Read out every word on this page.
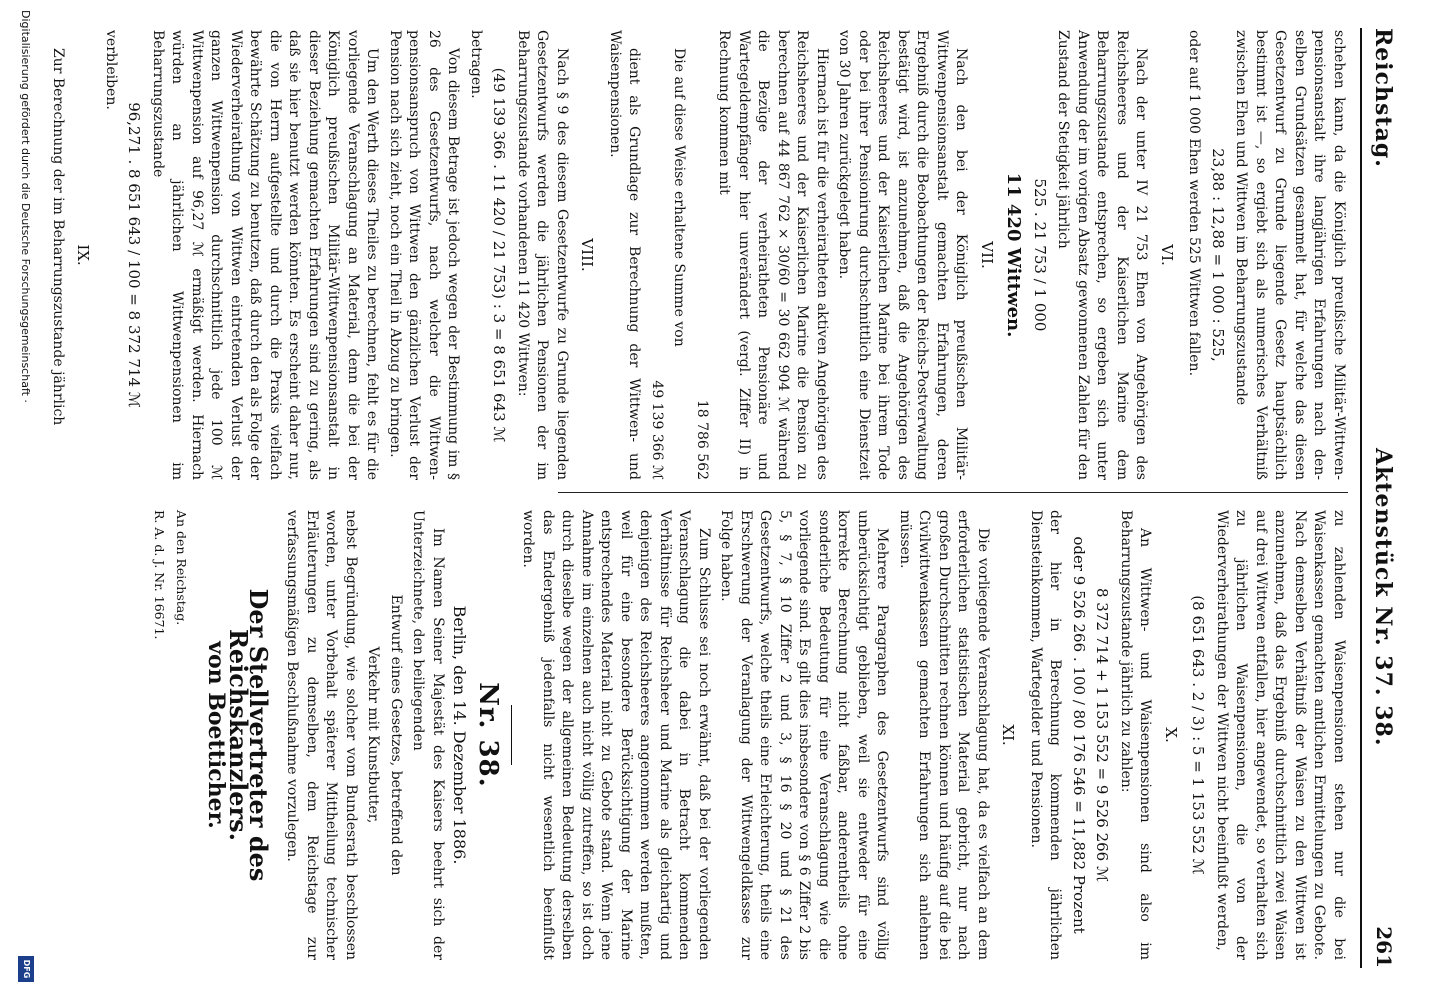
Reichstag.
Aktenstück Nr. 37. 38.
261

schehen kann, da die Königlich preußische Militär-Wittwen-pensionsanstalt ihre langjährigen Erfahrungen nach den-selben Grundsätzen gesammelt hat, für welche das diesen Gesetzentwurf zu Grunde liegende Gesetz hauptsächlich bestimmt ist —, so ergiebt sich als numerisches Verhältniß zwischen Ehen und Wittwen im Beharrungszustande

23,88 : 12,88 = 1 000 : 525,

oder auf 1 000 Ehen werden 525 Wittwen fallen.

VI.

Nach der unter IV 21 753 Ehen von Angehörigen des Reichsheeres und der Kaiserlichen Marine dem Beharrungszustande entsprechen, so ergeben sich unter Anwendung der im vorigen Absatz gewonnenen Zahlen für den Zustand der Stetigkeit jährlich

525 . 21 753 / 1 000

11 420 Wittwen.

VII.

Nach den bei der Königlich preußischen Militär-Wittwenpensionsanstalt gemachten Erfahrungen, deren Ergebniß durch die Beobachtungen der Reichs-Postverwaltung bestätigt wird, ist anzunehmen, daß die Angehörigen des Reichsheeres und der Kaiserlichen Marine bei ihrem Tode oder bei ihrer Pensionirung durchschnittlich eine Dienstzeit von 30 Jahren zurückgelegt haben.

Hiernach ist für die verheiratheten aktiven Angehörigen des Reichsheeres und der Kaiserlichen Marine die Pension zu berechnen auf 44 867 762 × 30/60 = 30 662 904 ℳ während die Bezüge der verheiratheten Pensionäre und Wartegeldempfänger hier unverändert (vergl. Ziffer II) in Rechnung kommen mit

18 786 562

Die auf diese Weise erhaltene Summe von

49 139 366 ℳ

dient als Grundlage zur Berechnung der Wittwen- und Waisenpensionen.

VIII.

Nach § 9 des diesem Gesetzentwurfe zu Grunde liegenden Gesetzentwurfs werden die jährlichen Pensionen der im Beharrungszustande vorhandenen 11 420 Wittwen:

(49 139 366 . 11 420 / 21 753) : 3 = 8 651 643 ℳ

betragen.

Von diesem Betrage ist jedoch wegen der Bestimmung im § 26 des Gesetzentwurfs, nach welcher die Wittwen-pensionsanspruch von Wittwen den gänzlichen Verlust der Pension nach sich zieht, noch ein Theil in Abzug zu bringen.

Um den Werth dieses Theiles zu berechnen, fehlt es für die vorliegende Veranschlagung an Material, denn die bei der Königlich preußischen Militär-Wittwenpensionsanstalt in dieser Beziehung gemachten Erfahrungen sind zu gering, als daß sie hier benutzt werden könnten. Es erscheint daher nur, die von Herrn aufgestellte und durch die Praxis vielfach bewährte Schätzung zu benutzen, daß durch den als Folge der Wiederverheirathung von Wittwen eintretenden Verlust der ganzen Wittwenpension durchschnittlich jede 100 ℳ Wittwenpension auf 96,27 ℳ ermäßigt werden. Hiernach würden an jährlichen Wittwenpensionen im Beharrungszustande

96,271 . 8 651 643 / 100 = 8 372 714 ℳ

verbleiben.

IX.

Zur Berechnung der im Beharrungszustande jährlich

zu zahlenden Waisenpensionen stehen nur die bei Waisenkassen gemachten amtlichen Ermittelungen zu Gebote. Nach demselben Verhältniß der Waisen zu den Wittwen ist anzunehmen, daß das Ergebniß durchschnittlich zwei Waisen auf drei Wittwen entfallen, hier angewendet, so verhalten sich zu jährlichen Waisenpensionen, die von der Wiederverheirathungen der Wittwen nicht beeinflußt werden,

(8 651 643 . 2 / 3) : 5 = 1 153 552 ℳ

X.

An Wittwen- und Waisenpensionen sind also im Beharrungszustande jährlich zu zahlen:

8 372 714 + 1 153 552 = 9 526 266 ℳ

oder 9 526 266 . 100 / 80 176 546 = 11,882 Prozent

der hier in Berechnung kommenden jährlichen Diensteinkommen, Wartegelder und Pensionen.

XI.

Die vorliegende Veranschlagung hat, da es vielfach an dem erforderlichen statistischen Material gebricht, nur nach großen Durchschnitten rechnen können und häufig auf die bei Civilwittwenkassen gemachten Erfahrungen sich anlehnen müssen.

Mehrere Paragraphen des Gesetzentwurfs sind völlig unberücksichtigt geblieben, weil sie entweder für eine korrekte Berechnung nicht faßbar, anderentheils ohne sonderliche Bedeutung für eine Veranschlagung wie die vorliegende sind. Es gilt dies insbesondere von § 6 Ziffer 2 bis 5, § 7, § 10 Ziffer 2 und 3, § 16 § 20 und § 21 des Gesetzentwurfs, welche theils eine Erleichterung, theils eine Erschwerung der Veranlagung der Wittwengeldkasse zur Folge haben.

Zum Schlusse sei noch erwähnt, daß bei der vorliegenden Veranschlagung die dabei in Betracht kommenden Verhältnisse für Reichsheer und Marine als gleichartig und denjenigen des Reichsheeres angenommen werden mußten, weil für eine besondere Berücksichtigung der Marine entsprechendes Material nicht zu Gebote stand. Wenn jene Annahme im einzelnen auch nicht völlig zutreffen, so ist doch durch dieselbe wegen der allgemeinen Bedeutung derselben das Endergebniß jedenfalls nicht wesentlich beeinflußt worden.

Nr. 38.

Berlin, den 14. Dezember 1886.

Im Namen Seiner Majestät des Kaisers beehrt sich der Unterzeichnete, den beiliegenden

Entwurf eines Gesetzes, betreffend den

Verkehr mit Kunstbutter,

nebst Begründung, wie solcher vom Bundesrath beschlossen worden, unter Vorbehalt späterer Mittheilung technischer Erläuterungen zu demselben, dem Reichstage zur verfassungsmäßigen Beschlußnahme vorzulegen.

Der Stellvertreter des Reichskanzlers.

von Boetticher.

An den Reichstag.

R. A. d. J. Nr. 16671.

Digitalisierung gefördert durch die Deutsche Forschungsgemeinschaft ·
DFG
